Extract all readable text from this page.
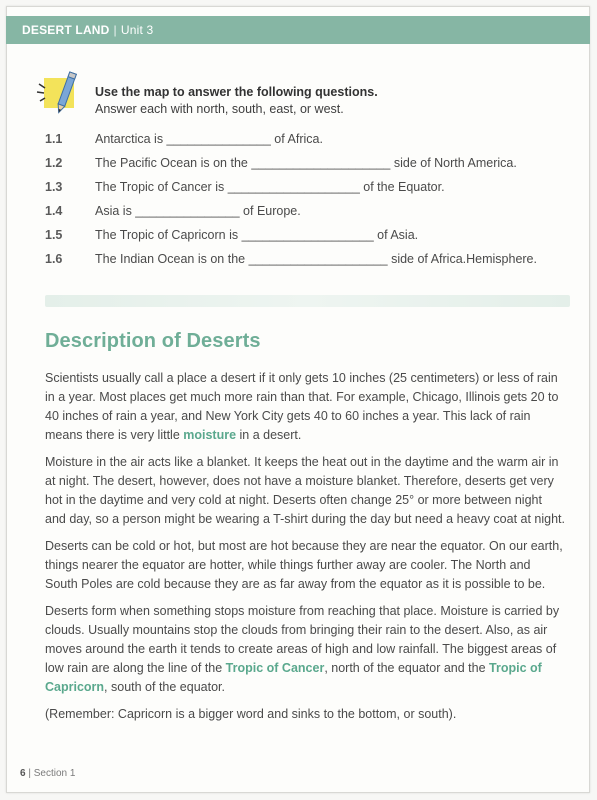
DESERT LAND | Unit 3
Use the map to answer the following questions.
Answer each with north, south, east, or west.
1.1	Antarctica is _______________ of Africa.
1.2	The Pacific Ocean is on the ____________________ side of North America.
1.3	The Tropic of Cancer is ___________________ of the Equator.
1.4	Asia is _______________ of Europe.
1.5	The Tropic of Capricorn is ___________________ of Asia.
1.6	The Indian Ocean is on the ____________________ side of Africa.Hemisphere.
Description of Deserts

Scientists usually call a place a desert if it only gets 10 inches (25 centimeters) or less of rain in a year. Most places get much more rain than that. For example, Chicago, Illinois gets 20 to 40 inches of rain a year, and New York City gets 40 to 60 inches a year. This lack of rain means there is very little moisture in a desert.

Moisture in the air acts like a blanket. It keeps the heat out in the daytime and the warm air in at night. The desert, however, does not have a moisture blanket. Therefore, deserts get very hot in the daytime and very cold at night. Deserts often change 25° or more between night and day, so a person might be wearing a T-shirt during the day but need a heavy coat at night.

Deserts can be cold or hot, but most are hot because they are near the equator. On our earth, things nearer the equator are hotter, while things further away are cooler. The North and South Poles are cold because they are as far away from the equator as it is possible to be.

Deserts form when something stops moisture from reaching that place. Moisture is carried by clouds. Usually mountains stop the clouds from bringing their rain to the desert. Also, as air moves around the earth it tends to create areas of high and low rainfall. The biggest areas of low rain are along the line of the Tropic of Cancer, north of the equator and the Tropic of Capricorn, south of the equator.

(Remember: Capricorn is a bigger word and sinks to the bottom, or south).

6 | Section 1
